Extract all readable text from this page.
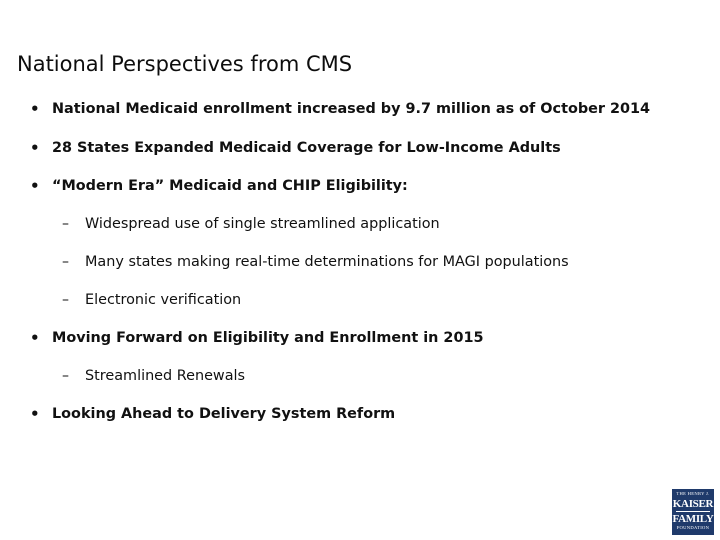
National Perspectives from CMS
• National Medicaid enrollment increased by 9.7 million as of October 2014
• 28 States Expanded Medicaid Coverage for Low-Income Adults
• “Modern Era” Medicaid and CHIP Eligibility:
–	Widespread use of single streamlined application
–	Many states making real-time determinations for MAGI populations
–	Electronic verification
• Moving Forward on Eligibility and Enrollment in 2015
–	Streamlined Renewals
• Looking Ahead to Delivery System Reform
THE HENRY J.
KAISER
FAMILY
FOUNDATION
